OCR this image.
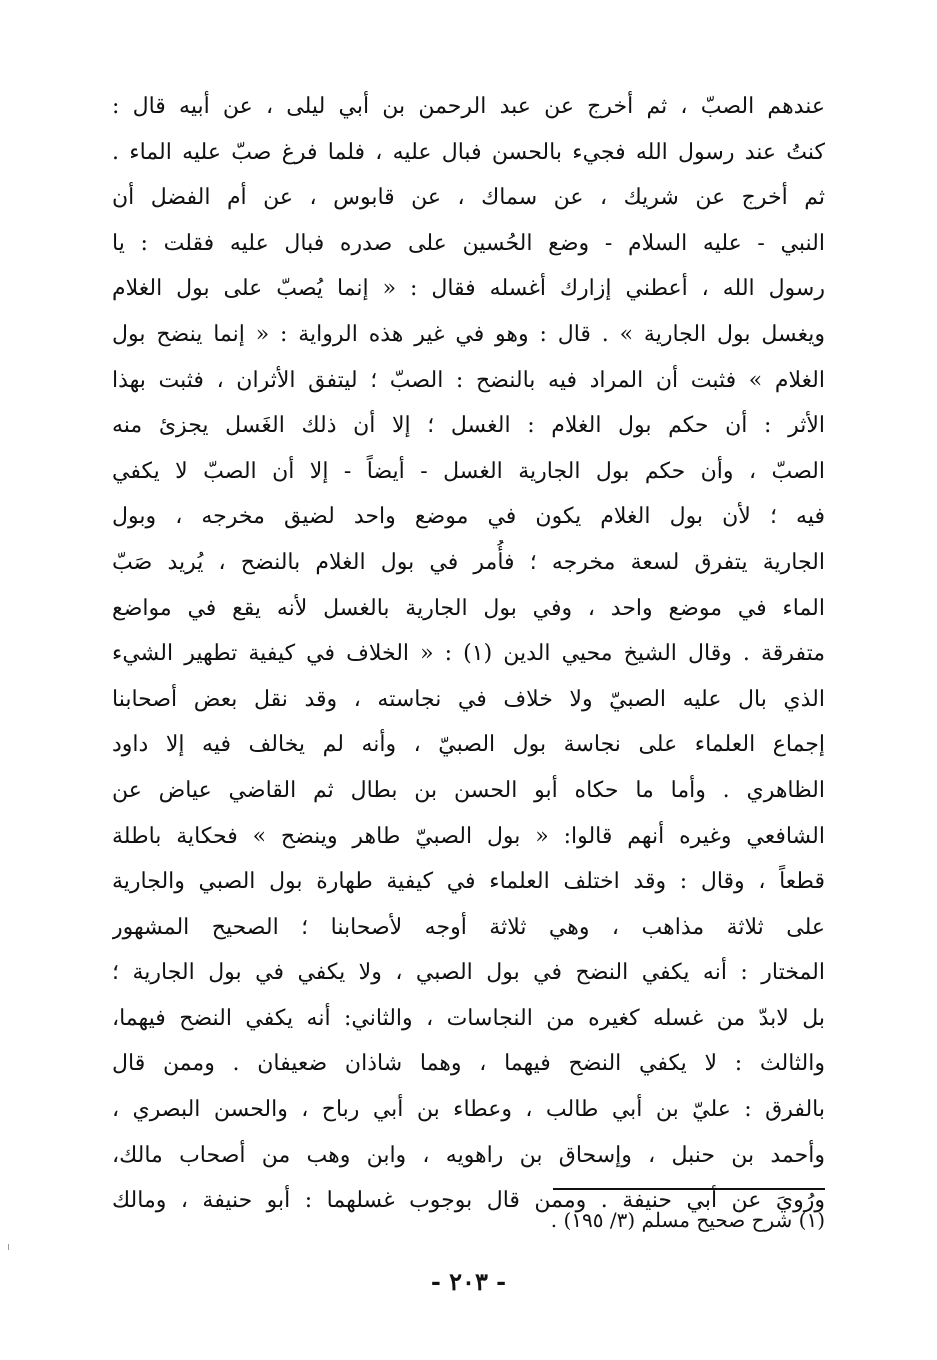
عندهم الصبّ ، ثم أخرج عن عبد الرحمن بن أبي ليلى ، عن أبيه قال :
كنتُ عند رسول الله فجيء بالحسن فبال عليه ، فلما فرغ صبّ عليه الماء .
ثم أخرج عن شريك ، عن سماك ، عن قابوس ، عن أم الفضل أن
النبي - عليه السلام - وضع الحُسين على صدره فبال عليه فقلت : يا
رسول الله ، أعطني إزارك أغسله فقال : « إنما يُصبّ على بول الغلام
ويغسل بول الجارية » . قال : وهو في غير هذه الرواية : « إنما ينضح بول
الغلام » فثبت أن المراد فيه بالنضح : الصبّ ؛ ليتفق الأثران ، فثبت بهذا
الأثر : أن حكم بول الغلام : الغسل ؛ إلا أن ذلك الغَسل يجزئ منه
الصبّ ، وأن حكم بول الجارية الغسل - أيضاً - إلا أن الصبّ لا يكفي
فيه ؛ لأن بول الغلام يكون في موضع واحد لضيق مخرجه ، وبول
الجارية يتفرق لسعة مخرجه ؛ فأُمر في بول الغلام بالنضح ، يُريد صَبّ
الماء في موضع واحد ، وفي بول الجارية بالغسل لأنه يقع في مواضع
متفرقة . وقال الشيخ محيي الدين (١) : « الخلاف في كيفية تطهير الشيء
الذي بال عليه الصبيّ ولا خلاف في نجاسته ، وقد نقل بعض أصحابنا
إجماع العلماء على نجاسة بول الصبيّ ، وأنه لم يخالف فيه إلا داود
الظاهري . وأما ما حكاه أبو الحسن بن بطال ثم القاضي عياض عن
الشافعي وغيره أنهم قالوا: « بول الصبيّ طاهر وينضح » فحكاية باطلة
قطعاً ، وقال : وقد اختلف العلماء في كيفية طهارة بول الصبي والجارية
على ثلاثة مذاهب ، وهي ثلاثة أوجه لأصحابنا ؛ الصحيح المشهور
المختار : أنه يكفي النضح في بول الصبي ، ولا يكفي في بول الجارية ؛
بل لابدّ من غسله كغيره من النجاسات ، والثاني: أنه يكفي النضح فيهما،
والثالث : لا يكفي النضح فيهما ، وهما شاذان ضعيفان . وممن قال
بالفرق : عليّ بن أبي طالب ، وعطاء بن أبي رباح ، والحسن البصري ،
وأحمد بن حنبل ، وإسحاق بن راهويه ، وابن وهب من أصحاب مالك،
ورُويَ عن أبي حنيفة . وممن قال بوجوب غسلهما : أبو حنيفة ، ومالك
(١) شرح صحيح مسلم (٣/ ١٩٥) .
- ٢٠٣ -
